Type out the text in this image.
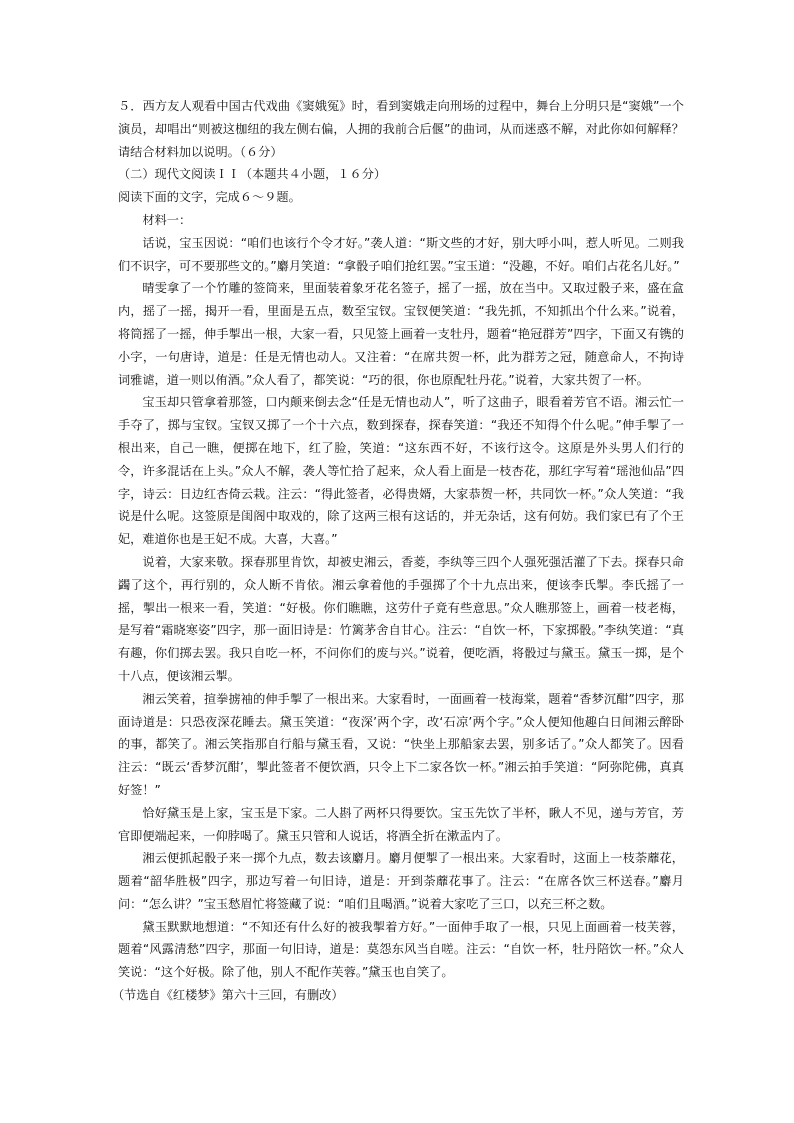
５．西方友人观看中国古代戏曲《窦娥冤》时，看到窦娥走向刑场的过程中，舞台上分明只是“窦娥”一个演员，却唱出“则被这枷纽的我左侧右偏，人拥的我前合后偃”的曲词，从而迷惑不解，对此你如何解释？请结合材料加以说明。（６分）

（二）现代文阅读ＩＩ（本题共４小题，１６分）

阅读下面的文字，完成６～９题。

材料一：

话说，宝玉因说：“咱们也该行个令才好。”袭人道：“斯文些的才好，别大呼小叫，惹人听见。二则我们不识字，可不要那些文的。”麝月笑道：“拿骰子咱们抢红罢。”宝玉道：“没趣，不好。咱们占花名儿好。”

晴雯拿了一个竹雕的签筒来，里面装着象牙花名签子，摇了一摇，放在当中。又取过骰子来，盛在盒内，摇了一摇，揭开一看，里面是五点，数至宝钗。宝钗便笑道：“我先抓，不知抓出个什么来。”说着，将筒摇了一摇，伸手掣出一根，大家一看，只见签上画着一支牡丹，题着“艳冠群芳”四字，下面又有镌的小字，一句唐诗，道是：任是无情也动人。又注着：“在席共贺一杯，此为群芳之冠，随意命人，不拘诗词雅谑，道一则以侑酒。”众人看了，都笑说：“巧的很，你也原配牡丹花。”说着，大家共贺了一杯。

宝玉却只管拿着那签，口内颠来倒去念“任是无情也动人”，听了这曲子，眼看着芳官不语。湘云忙一手夺了，掷与宝钗。宝钗又掷了一个十六点，数到探春，探春笑道：“我还不知得个什么呢。”伸手掣了一根出来，自己一瞧，便掷在地下，红了脸，笑道：“这东西不好，不该行这令。这原是外头男人们行的令，许多混话在上头。”众人不解，袭人等忙拾了起来，众人看上面是一枝杏花，那红字写着“瑶池仙品”四字，诗云：日边红杏倚云栽。注云：“得此签者，必得贵婿，大家恭贺一杯，共同饮一杯。”众人笑道：“我说是什么呢。这签原是闺阁中取戏的，除了这两三根有这话的，并无杂话，这有何妨。我们家已有了个王妃，难道你也是王妃不成。大喜，大喜。”

说着，大家来敬。探春那里肯饮，却被史湘云，香菱，李纨等三四个人强死强活灌了下去。探春只命蠲了这个，再行别的，众人断不肯依。湘云拿着他的手强掷了个十九点出来，便该李氏掣。李氏摇了一摇，掣出一根来一看，笑道：“好极。你们瞧瞧，这劳什子竟有些意思。”众人瞧那签上，画着一枝老梅，是写着“霜晓寒姿”四字，那一面旧诗是：竹篱茅舍自甘心。注云：“自饮一杯，下家掷骰。”李纨笑道：“真有趣，你们掷去罢。我只自吃一杯，不问你们的废与兴。”说着，便吃酒，将骰过与黛玉。黛玉一掷，是个十八点，便该湘云掣。

湘云笑着，揎拳掳袖的伸手掣了一根出来。大家看时，一面画着一枝海棠，题着“香梦沉酣”四字，那面诗道是：只恐夜深花睡去。黛玉笑道：“夜深’两个字，改‘石凉’两个字。”众人便知他趣白日间湘云醉卧的事，都笑了。湘云笑指那自行船与黛玉看，又说：“快坐上那船家去罢，别多话了。”众人都笑了。因看注云：“既云‘香梦沉酣’，掣此签者不便饮酒，只令上下二家各饮一杯。”湘云拍手笑道：“阿弥陀佛，真真好签！”

恰好黛玉是上家，宝玉是下家。二人斟了两杯只得要饮。宝玉先饮了半杯，瞅人不见，递与芳官，芳官即便端起来，一仰脖喝了。黛玉只管和人说话，将酒全折在漱盂内了。

湘云便抓起骰子来一掷个九点，数去该麝月。麝月便掣了一根出来。大家看时，这面上一枝荼蘼花，题着“韶华胜极”四字，那边写着一句旧诗，道是：开到荼蘼花事了。注云：“在席各饮三杯送春。”麝月问：“怎么讲？”宝玉愁眉忙将签藏了说：“咱们且喝酒。”说着大家吃了三口，以充三杯之数。

黛玉默默地想道：“不知还有什么好的被我掣着方好。”一面伸手取了一根，只见上面画着一枝芙蓉，题着“风露清愁”四字，那面一句旧诗，道是：莫怨东风当自嗟。注云：“自饮一杯，牡丹陪饮一杯。”众人笑说：“这个好极。除了他，别人不配作芙蓉。”黛玉也自笑了。

（节选自《红楼梦》第六十三回，有删改）
